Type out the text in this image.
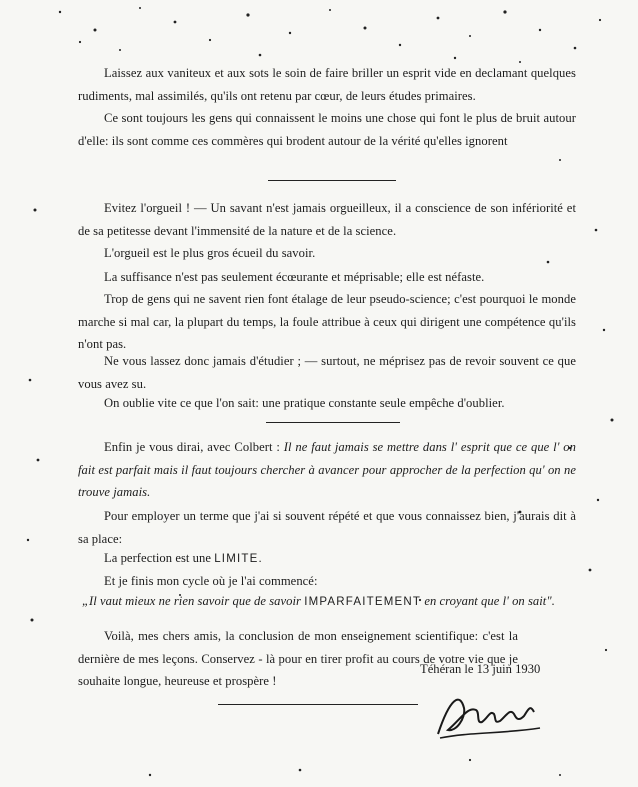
Laissez aux vaniteux et aux sots le soin de faire briller un esprit vide en declamant quelques rudiments, mal assimilés, qu'ils ont retenu par cœur, de leurs études primaires.

Ce sont toujours les gens qui connaissent le moins une chose qui font le plus de bruit autour d'elle: ils sont comme ces commères qui brodent autour de la vérité qu'elles ignorent

Evitez l'orgueil ! — Un savant n'est jamais orgueilleux, il a conscience de son infériorité et de sa petitesse devant l'immensité de la nature et de la science.

L'orgueil est le plus gros écueil du savoir.

La suffisance n'est pas seulement écœurante et méprisable; elle est néfaste.

Trop de gens qui ne savent rien font étalage de leur pseudo-science; c'est pourquoi le monde marche si mal car, la plupart du temps, la foule attribue à ceux qui dirigent une compétence qu'ils n'ont pas.

Ne vous lassez donc jamais d'étudier ; — surtout, ne méprisez pas de revoir souvent ce que vous avez su.

On oublie vite ce que l'on sait: une pratique constante seule empêche d'oublier.

Enfin je vous dirai, avec Colbert : Il ne faut jamais se mettre dans l' esprit que ce que l' on fait est parfait mais il faut toujours chercher à avancer pour approcher de la perfection qu' on ne trouve jamais.

Pour employer un terme que j'ai si souvent répété et que vous connaissez bien, j'aurais dit à sa place:

La perfection est une LIMITE.

Et je finis mon cycle où je l'ai commencé:

„Il vaut mieux ne rien savoir que de savoir IMPARFAITEMENT en croyant que l' on sait".

Voilà, mes chers amis, la conclusion de mon enseignement scientifique: c'est la dernière de mes leçons. Conservez - là pour en tirer profit au cours de votre vie que je souhaite longue, heureuse et prospère !

Téhéran le 13 juin 1930
